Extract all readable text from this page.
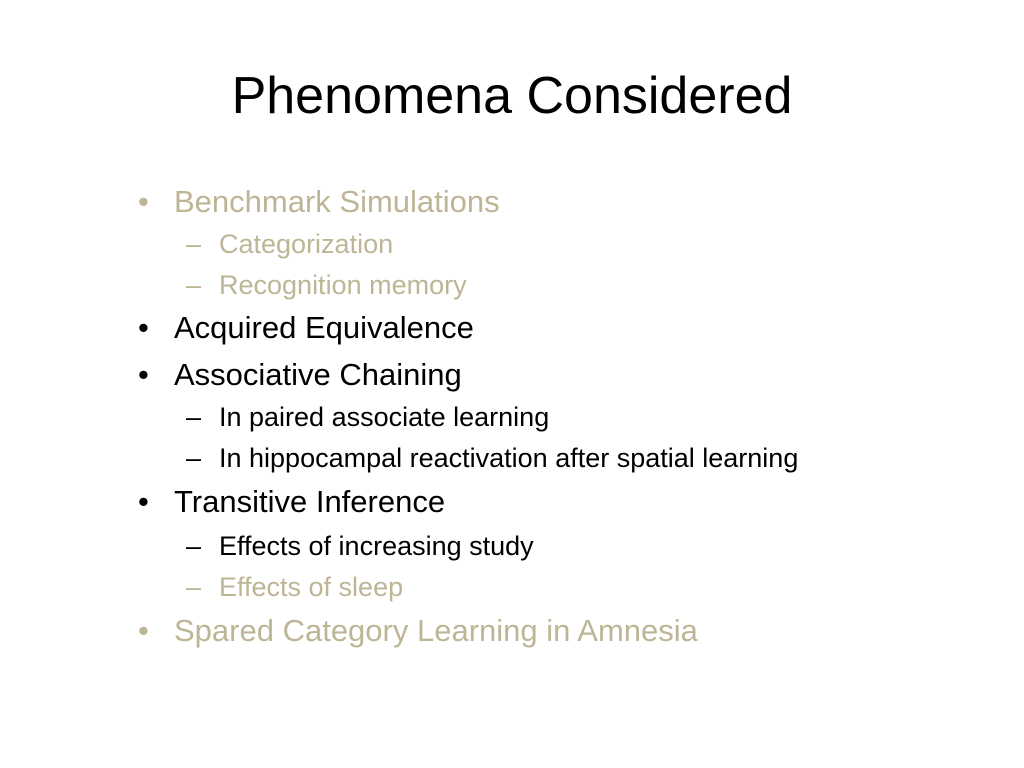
Phenomena Considered
• Benchmark Simulations
– Categorization
– Recognition memory
• Acquired Equivalence
• Associative Chaining
– In paired associate learning
– In hippocampal reactivation after spatial learning
• Transitive Inference
– Effects of increasing study
– Effects of sleep
• Spared Category Learning in Amnesia
